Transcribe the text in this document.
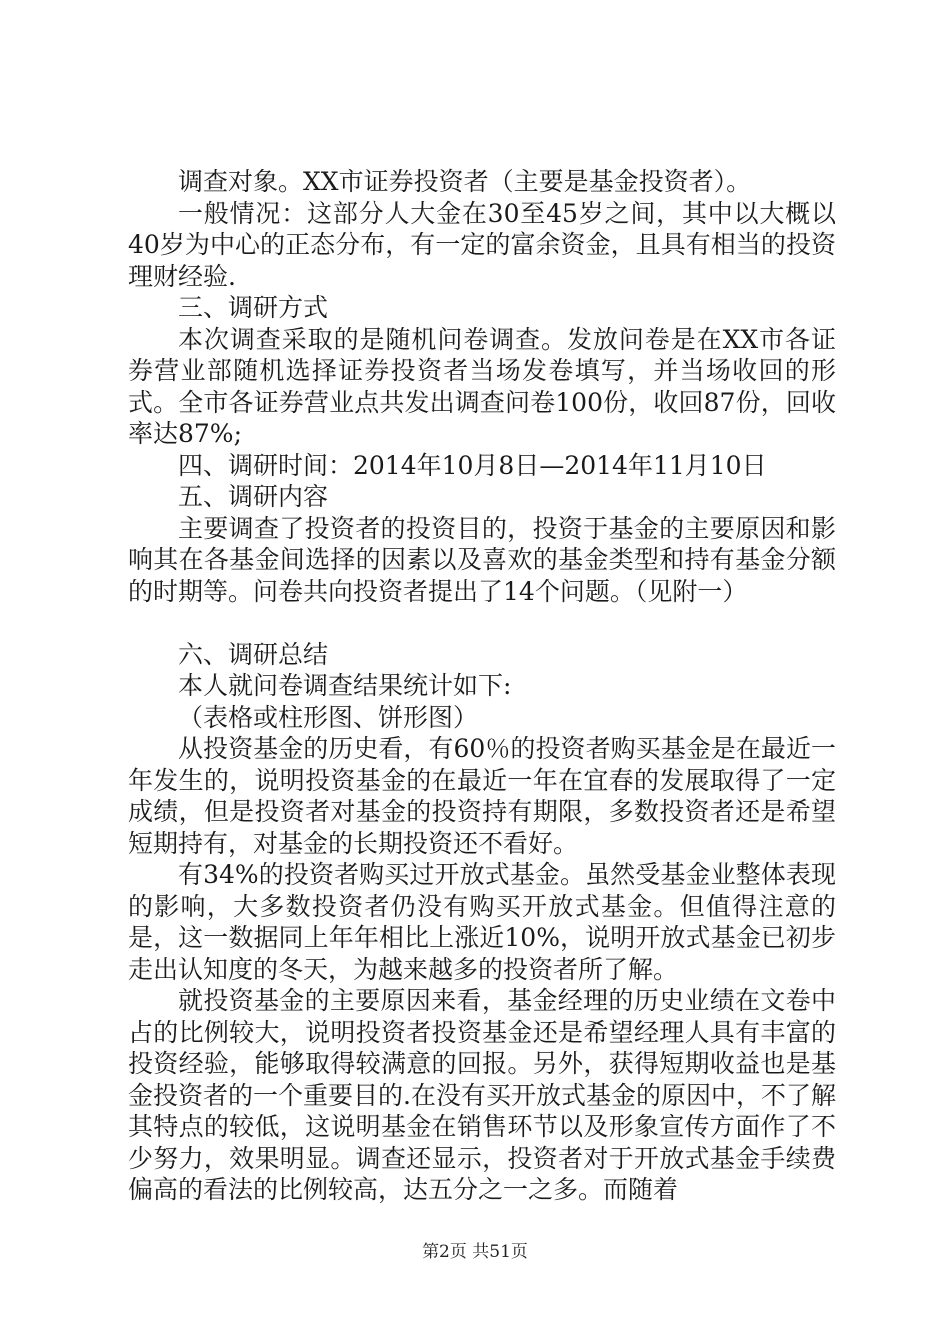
调查对象。XX市证券投资者（主要是基金投资者）。

一般情况：这部分人大金在30至45岁之间，其中以大概以40岁为中心的正态分布，有一定的富余资金，且具有相当的投资理财经验.

三、调研方式

本次调查采取的是随机问卷调查。发放问卷是在XX市各证券营业部随机选择证券投资者当场发卷填写，并当场收回的形式。全市各证券营业点共发出调查问卷100份，收回87份，回收率达87%;

四、调研时间：2014年10月8日—2014年11月10日

五、调研内容

主要调查了投资者的投资目的，投资于基金的主要原因和影响其在各基金间选择的因素以及喜欢的基金类型和持有基金分额的时期等。问卷共向投资者提出了14个问题。（见附一）

六、调研总结

本人就问卷调查结果统计如下:

（表格或柱形图、饼形图）

从投资基金的历史看，有60％的投资者购买基金是在最近一年发生的，说明投资基金的在最近一年在宜春的发展取得了一定成绩，但是投资者对基金的投资持有期限，多数投资者还是希望短期持有，对基金的长期投资还不看好。

有34%的投资者购买过开放式基金。虽然受基金业整体表现的影响，大多数投资者仍没有购买开放式基金。但值得注意的是，这一数据同上年年相比上涨近10%，说明开放式基金已初步走出认知度的冬天，为越来越多的投资者所了解。

就投资基金的主要原因来看，基金经理的历史业绩在文卷中占的比例较大，说明投资者投资基金还是希望经理人具有丰富的投资经验，能够取得较满意的回报。另外，获得短期收益也是基金投资者的一个重要目的.在没有买开放式基金的原因中，不了解其特点的较低，这说明基金在销售环节以及形象宣传方面作了不少努力，效果明显。调查还显示，投资者对于开放式基金手续费偏高的看法的比例较高，达五分之一之多。而随着

第2页 共51页
